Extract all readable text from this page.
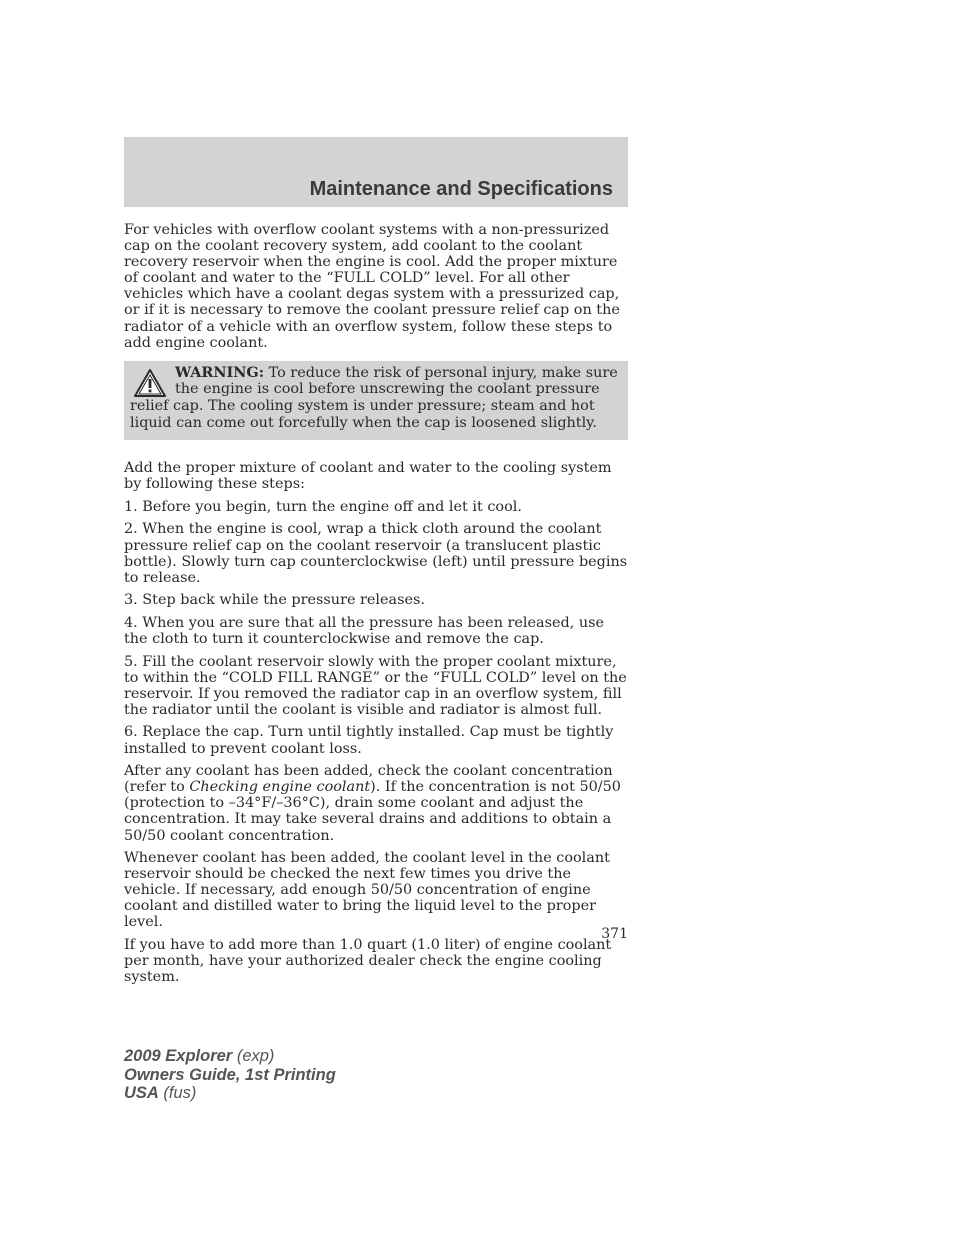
Maintenance and Specifications

For vehicles with overflow coolant systems with a non-pressurized cap on the coolant recovery system, add coolant to the coolant recovery reservoir when the engine is cool. Add the proper mixture of coolant and water to the “FULL COLD” level. For all other vehicles which have a coolant degas system with a pressurized cap, or if it is necessary to remove the coolant pressure relief cap on the radiator of a vehicle with an overflow system, follow these steps to add engine coolant.

WARNING: To reduce the risk of personal injury, make sure the engine is cool before unscrewing the coolant pressure relief cap. The cooling system is under pressure; steam and hot liquid can come out forcefully when the cap is loosened slightly.

Add the proper mixture of coolant and water to the cooling system by following these steps:

1. Before you begin, turn the engine off and let it cool.

2. When the engine is cool, wrap a thick cloth around the coolant pressure relief cap on the coolant reservoir (a translucent plastic bottle). Slowly turn cap counterclockwise (left) until pressure begins to release.

3. Step back while the pressure releases.

4. When you are sure that all the pressure has been released, use the cloth to turn it counterclockwise and remove the cap.

5. Fill the coolant reservoir slowly with the proper coolant mixture, to within the “COLD FILL RANGE” or the “FULL COLD” level on the reservoir. If you removed the radiator cap in an overflow system, fill the radiator until the coolant is visible and radiator is almost full.

6. Replace the cap. Turn until tightly installed. Cap must be tightly installed to prevent coolant loss.

After any coolant has been added, check the coolant concentration (refer to Checking engine coolant). If the concentration is not 50/50 (protection to –34°F/–36°C), drain some coolant and adjust the concentration. It may take several drains and additions to obtain a 50/50 coolant concentration.

Whenever coolant has been added, the coolant level in the coolant reservoir should be checked the next few times you drive the vehicle. If necessary, add enough 50/50 concentration of engine coolant and distilled water to bring the liquid level to the proper level.

If you have to add more than 1.0 quart (1.0 liter) of engine coolant per month, have your authorized dealer check the engine cooling system.

371
2009 Explorer (exp)
Owners Guide, 1st Printing
USA (fus)
